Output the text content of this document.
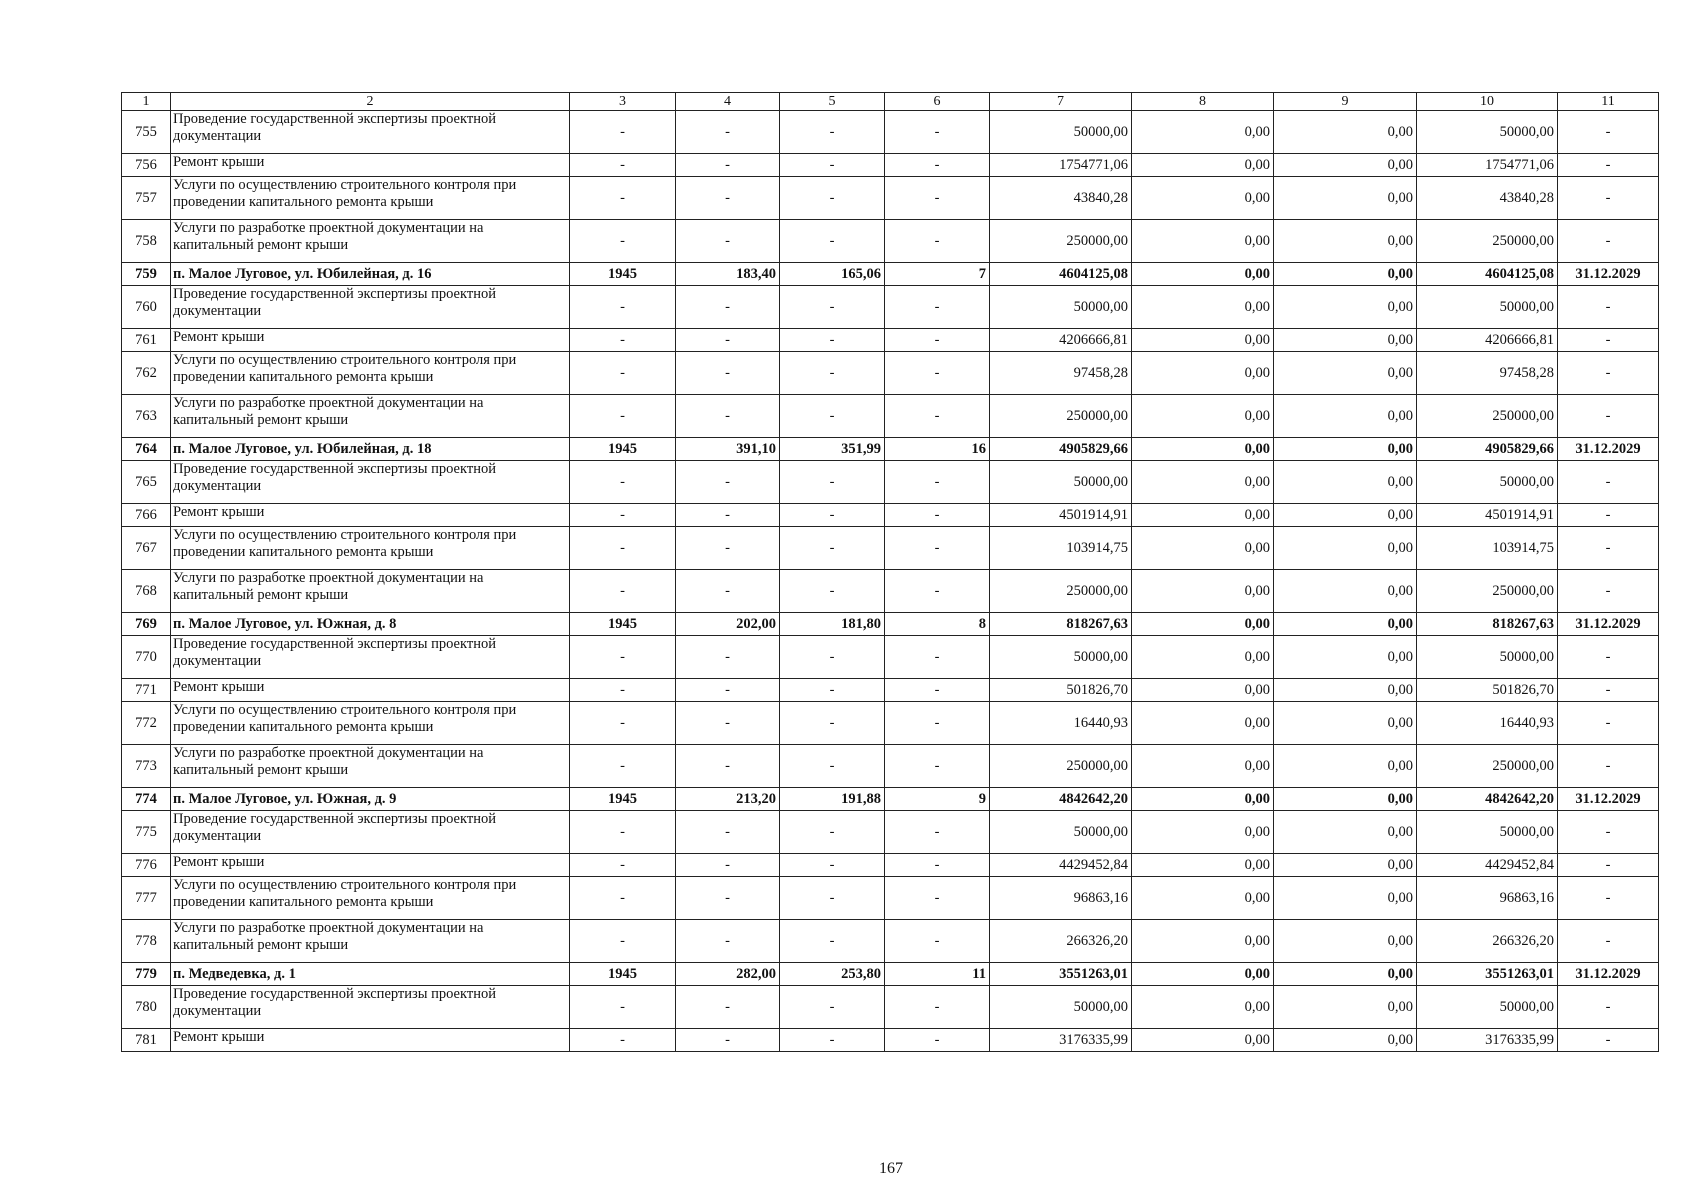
1	2	3	4	5	6	7	8	9	10	11
755	Проведение государственной экспертизы проектной документации	-	-	-	-	50000,00	0,00	0,00	50000,00	-
756	Ремонт крыши	-	-	-	-	1754771,06	0,00	0,00	1754771,06	-
757	Услуги по осуществлению строительного контроля при проведении капитального ремонта крыши	-	-	-	-	43840,28	0,00	0,00	43840,28	-
758	Услуги по разработке проектной документации на капитальный ремонт крыши	-	-	-	-	250000,00	0,00	0,00	250000,00	-
759	п. Малое Луговое, ул. Юбилейная, д. 16	1945	183,40	165,06	7	4604125,08	0,00	0,00	4604125,08	31.12.2029
760	Проведение государственной экспертизы проектной документации	-	-	-	-	50000,00	0,00	0,00	50000,00	-
761	Ремонт крыши	-	-	-	-	4206666,81	0,00	0,00	4206666,81	-
762	Услуги по осуществлению строительного контроля при проведении капитального ремонта крыши	-	-	-	-	97458,28	0,00	0,00	97458,28	-
763	Услуги по разработке проектной документации на капитальный ремонт крыши	-	-	-	-	250000,00	0,00	0,00	250000,00	-
764	п. Малое Луговое, ул. Юбилейная, д. 18	1945	391,10	351,99	16	4905829,66	0,00	0,00	4905829,66	31.12.2029
765	Проведение государственной экспертизы проектной документации	-	-	-	-	50000,00	0,00	0,00	50000,00	-
766	Ремонт крыши	-	-	-	-	4501914,91	0,00	0,00	4501914,91	-
767	Услуги по осуществлению строительного контроля при проведении капитального ремонта крыши	-	-	-	-	103914,75	0,00	0,00	103914,75	-
768	Услуги по разработке проектной документации на капитальный ремонт крыши	-	-	-	-	250000,00	0,00	0,00	250000,00	-
769	п. Малое Луговое, ул. Южная, д. 8	1945	202,00	181,80	8	818267,63	0,00	0,00	818267,63	31.12.2029
770	Проведение государственной экспертизы проектной документации	-	-	-	-	50000,00	0,00	0,00	50000,00	-
771	Ремонт крыши	-	-	-	-	501826,70	0,00	0,00	501826,70	-
772	Услуги по осуществлению строительного контроля при проведении капитального ремонта крыши	-	-	-	-	16440,93	0,00	0,00	16440,93	-
773	Услуги по разработке проектной документации на капитальный ремонт крыши	-	-	-	-	250000,00	0,00	0,00	250000,00	-
774	п. Малое Луговое, ул. Южная, д. 9	1945	213,20	191,88	9	4842642,20	0,00	0,00	4842642,20	31.12.2029
775	Проведение государственной экспертизы проектной документации	-	-	-	-	50000,00	0,00	0,00	50000,00	-
776	Ремонт крыши	-	-	-	-	4429452,84	0,00	0,00	4429452,84	-
777	Услуги по осуществлению строительного контроля при проведении капитального ремонта крыши	-	-	-	-	96863,16	0,00	0,00	96863,16	-
778	Услуги по разработке проектной документации на капитальный ремонт крыши	-	-	-	-	266326,20	0,00	0,00	266326,20	-
779	п. Медведевка, д. 1	1945	282,00	253,80	11	3551263,01	0,00	0,00	3551263,01	31.12.2029
780	Проведение государственной экспертизы проектной документации	-	-	-	-	50000,00	0,00	0,00	50000,00	-
781	Ремонт крыши	-	-	-	-	3176335,99	0,00	0,00	3176335,99	-
167
